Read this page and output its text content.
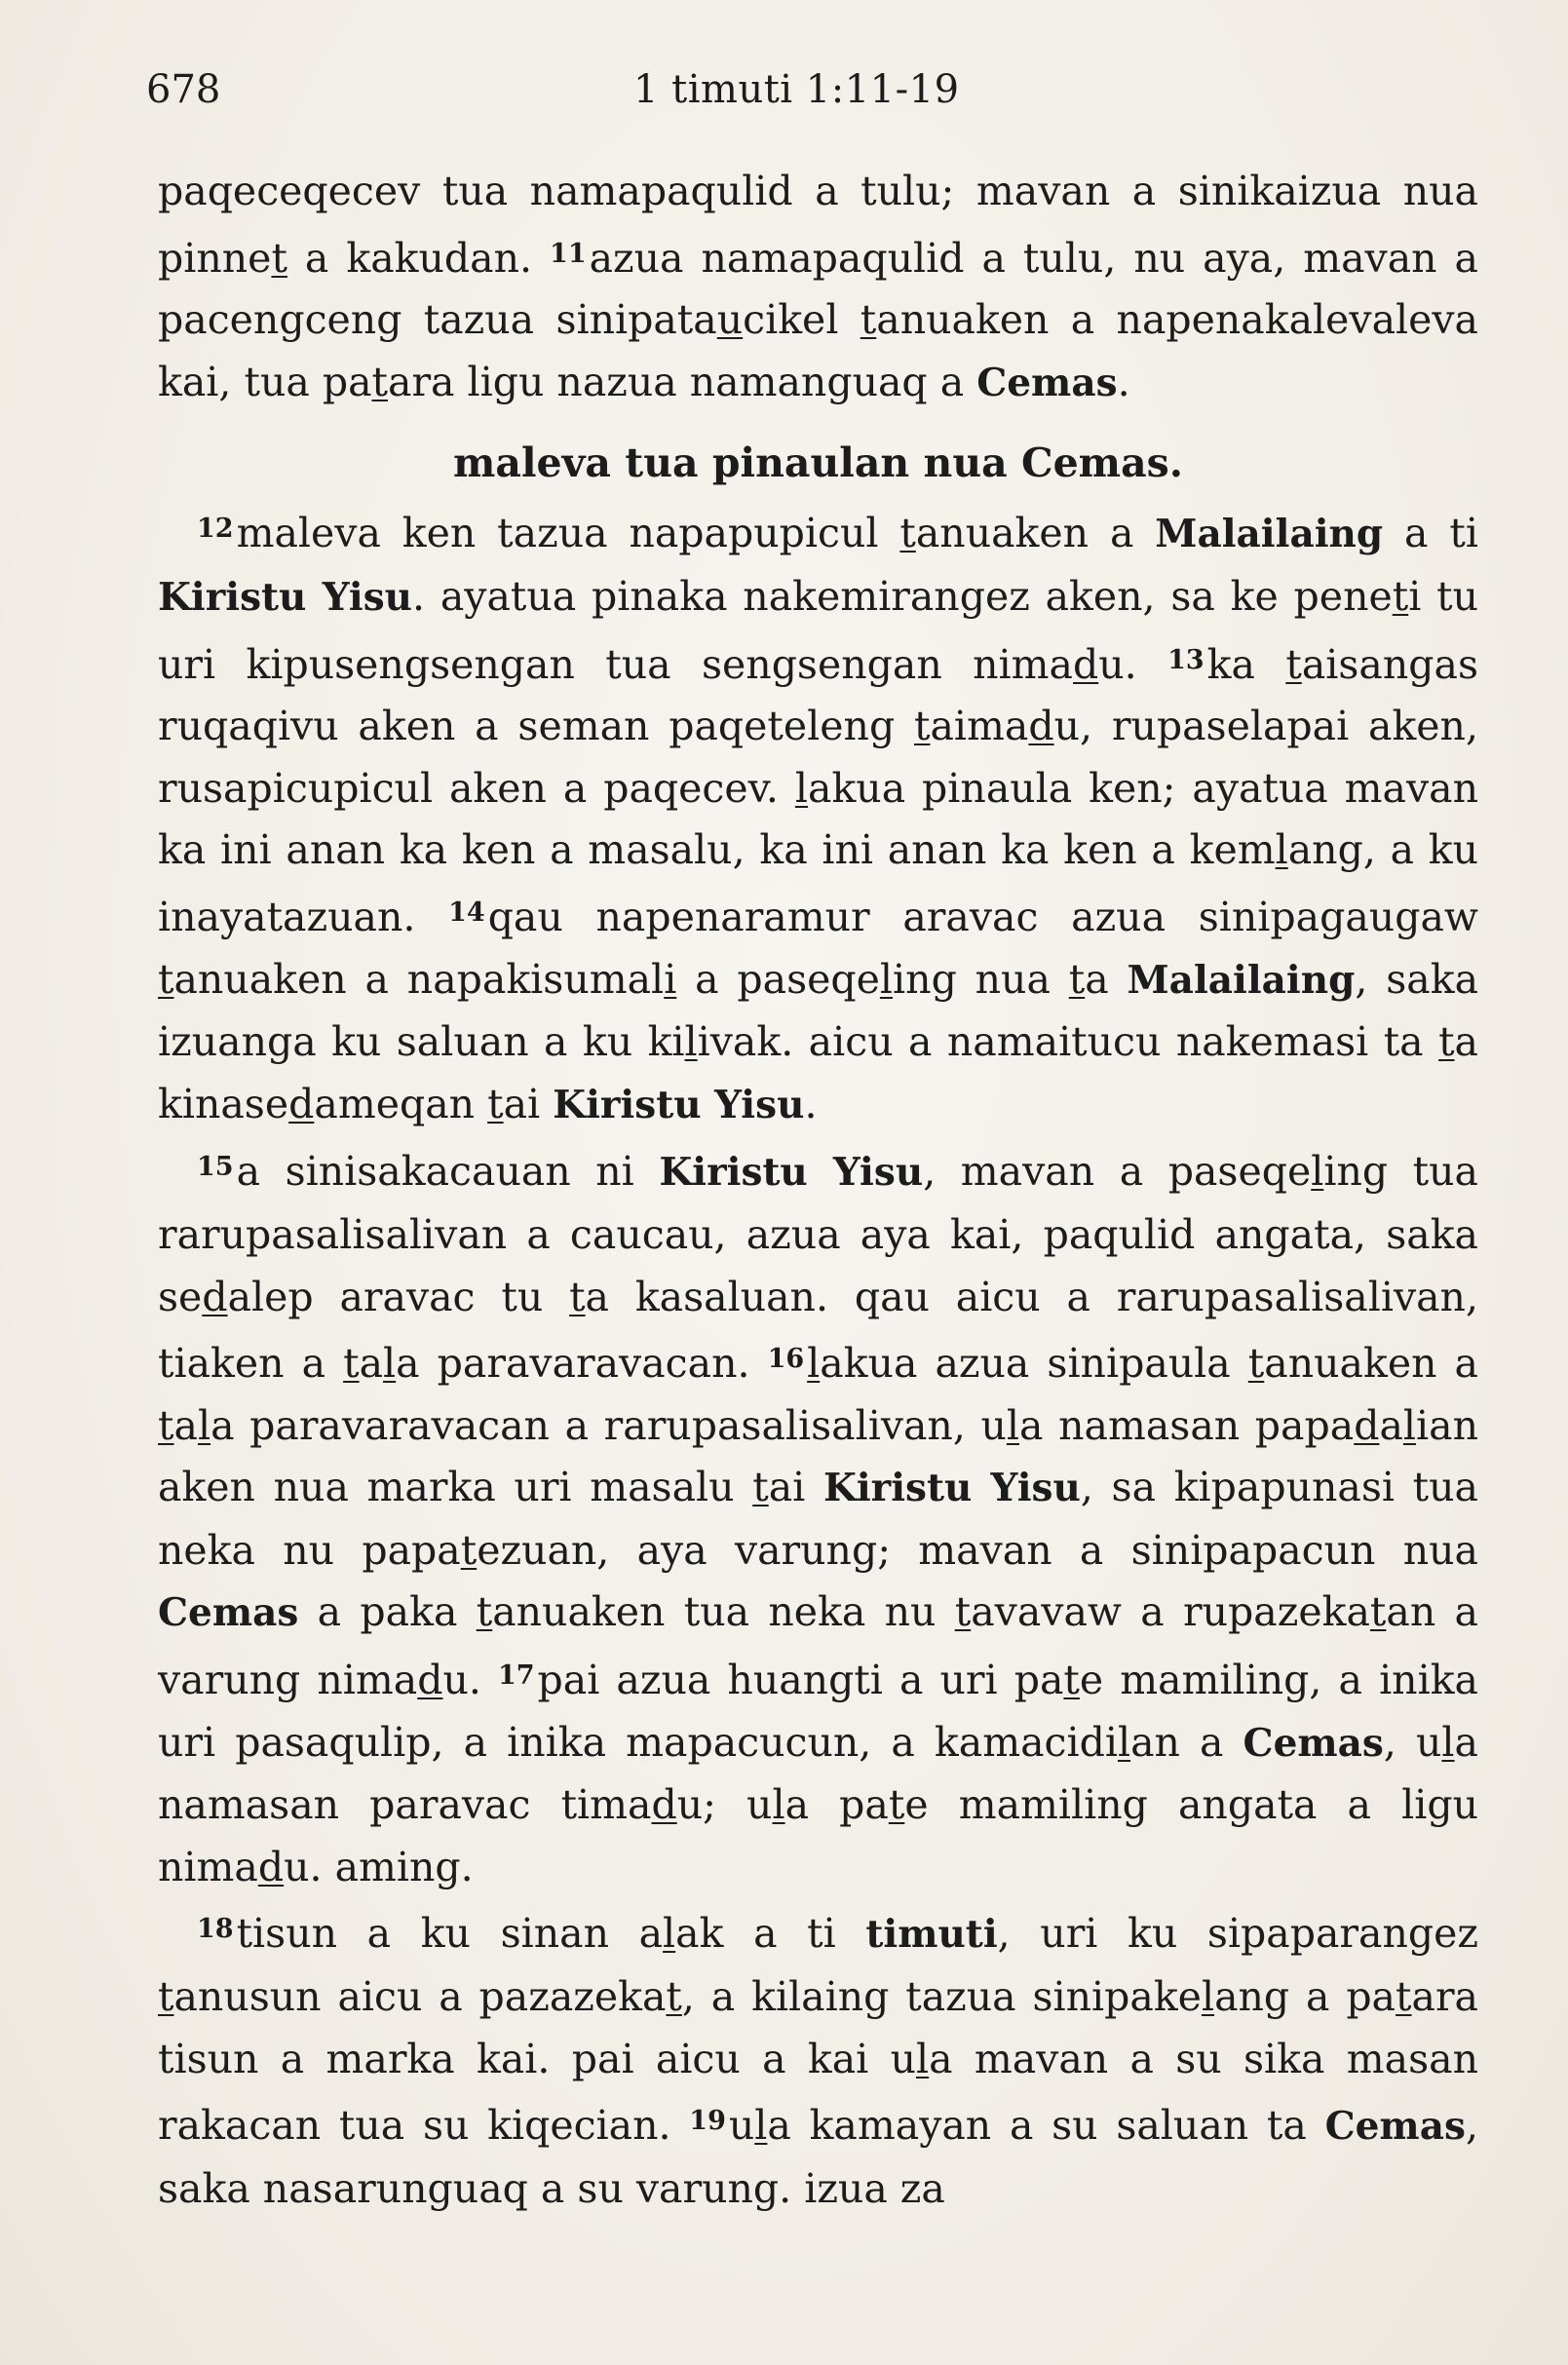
678	1 timuti 1:11-19

paqeceqecev tua namapaqulid a tulu; mavan a sinikaizua nua pinnet a kakudan. $^{11}$azua namapaqulid a tulu, nu aya, mavan a pacengceng tazua sinipataucikel tanuaken a napenakalevaleva kai, tua patara ligu nazua namanguaq a Cemas.

maleva tua pinaulan nua Cemas.

$^{12}$maleva ken tazua napapupicul tanuaken a Malailaing a ti Kiristu Yisu. ayatua pinaka nakemirangez aken, sa ke peneti tu uri kipusengsengan tua sengsengan nimadu. $^{13}$ka taisangas ruqaqivu aken a seman paqeteleng taimadu, rupaselapai aken, rusapicupicul aken a paqecev. lakua pinaula ken; ayatua mavan ka ini anan ka ken a masalu, ka ini anan ka ken a kemlang, a ku inayatazuan. $^{14}$qau napenaramur aravac azua sinipagaugaw tanuaken a napakisumali a paseqeling nua ta Malailaing, saka izuanga ku saluan a ku kilivak. aicu a namaitucu nakemasi ta ta kinasedameqan tai Kiristu Yisu.

$^{15}$a sinisakacauan ni Kiristu Yisu, mavan a paseqeling tua rarupasalisalivan a caucau, azua aya kai, paqulid angata, saka sedalep aravac tu ta kasaluan. qau aicu a rarupasalisalivan, tiaken a tala paravaravacan. $^{16}$lakua azua sinipaula tanuaken a tala paravaravacan a rarupasalisalivan, ula namasan papadalian aken nua marka uri masalu tai Kiristu Yisu, sa kipapunasi tua neka nu papatezuan, aya varung; mavan a sinipapacun nua Cemas a paka tanuaken tua neka nu tavavaw a rupazekatan a varung nimadu. $^{17}$pai azua huangti a uri pate mamiling, a inika uri pasaqulip, a inika mapacucun, a kamacidilan a Cemas, ula namasan paravac timadu; ula pate mamiling angata a ligu nimadu. aming.

$^{18}$tisun a ku sinan alak a ti timuti, uri ku sipaparangez tanusun aicu a pazazekat, a kilaing tazua sinipakelang a patara tisun a marka kai. pai aicu a kai ula mavan a su sika masan rakacan tua su kiqecian. $^{19}$ula kamayan a su saluan ta Cemas, saka nasarunguaq a su varung. izua za
